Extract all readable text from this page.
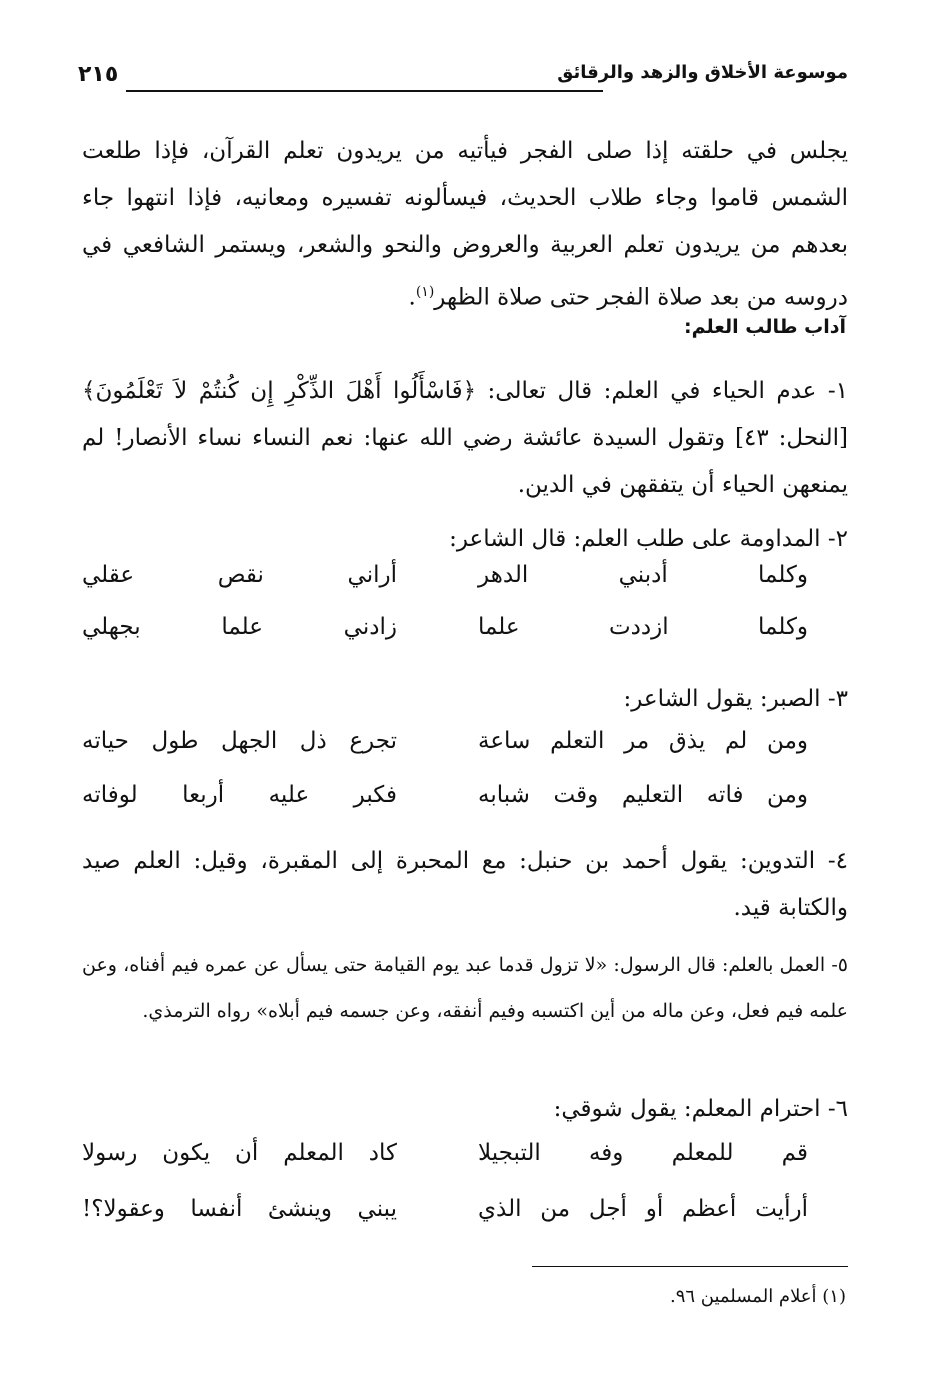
موسوعة الأخلاق والزهد والرقائق
٢١٥

يجلس في حلقته إذا صلى الفجر فيأتيه من يريدون تعلم القرآن، فإذا طلعت الشمس قاموا وجاء طلاب الحديث، فيسألونه تفسيره ومعانيه، فإذا انتهوا جاء بعدهم من يريدون تعلم العربية والعروض والنحو والشعر، ويستمر الشافعي في دروسه من بعد صلاة الفجر حتى صلاة الظهر$^{(١)}$.

آداب طالب العلم:

١- عدم الحياء في العلم: قال تعالى: ﴿فَاسْأَلُوا أَهْلَ الذِّكْرِ إِن كُنتُمْ لاَ تَعْلَمُونَ﴾ [النحل: ٤٣] وتقول السيدة عائشة رضي الله عنها: نعم النساء نساء الأنصار! لم يمنعهن الحياء أن يتفقهن في الدين.

٢- المداومة على طلب العلم: قال الشاعر:

وكلما أدبني الدهر
أراني نقص عقلي
وكلما ازددت علما
زادني علما بجهلي

٣- الصبر: يقول الشاعر:

ومن لم يذق مر التعلم ساعة
تجرع ذل الجهل طول حياته
ومن فاته التعليم وقت شبابه
فكبر عليه أربعا لوفاته

٤- التدوين: يقول أحمد بن حنبل: مع المحبرة إلى المقبرة، وقيل: العلم صيد والكتابة قيد.

٥- العمل بالعلم: قال الرسول: «لا تزول قدما عبد يوم القيامة حتى يسأل عن عمره فيم أفناه، وعن علمه فيم فعل، وعن ماله من أين اكتسبه وفيم أنفقه، وعن جسمه فيم أبلاه» رواه الترمذي.

٦- احترام المعلم: يقول شوقي:

قم للمعلم وفه التبجيلا
كاد المعلم أن يكون رسولا
أرأيت أعظم أو أجل من الذي
يبني وينشئ أنفسا وعقولا؟!
(١) أعلام المسلمين ٩٦.
